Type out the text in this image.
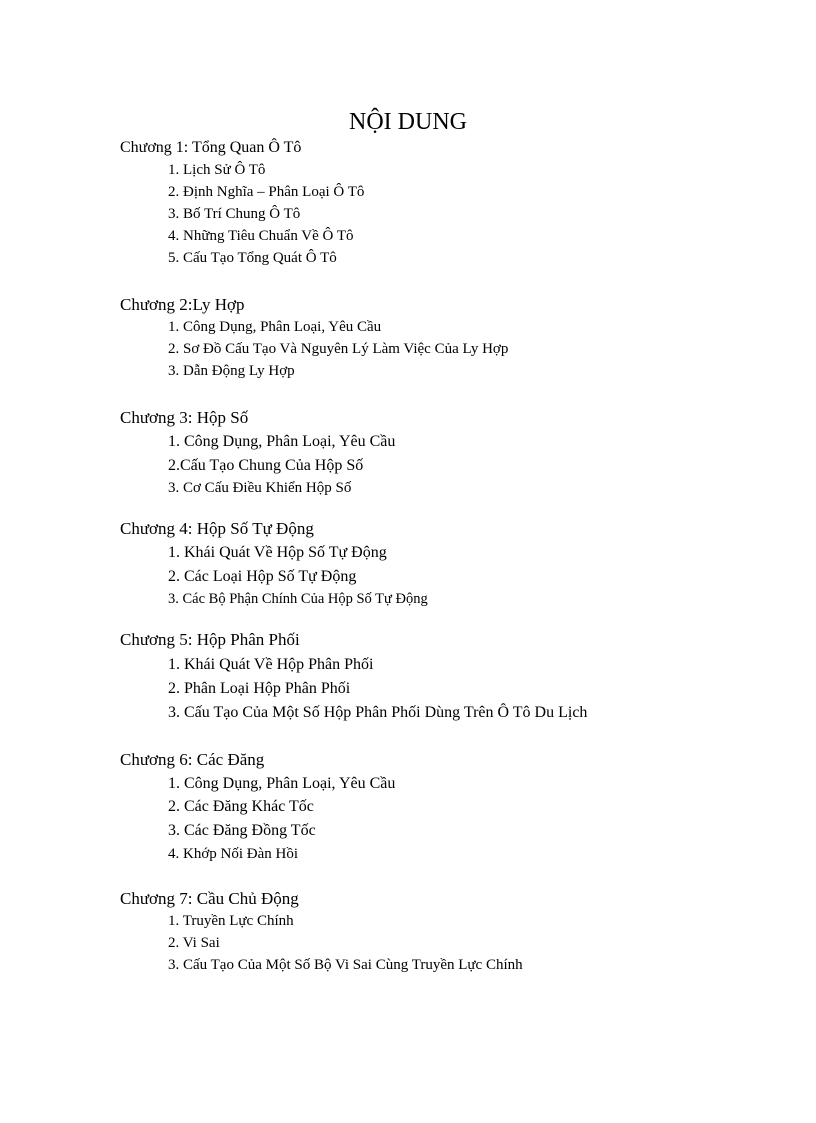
NỘI DUNG
Chương 1: Tổng Quan Ô Tô
1. Lịch Sử Ô Tô
2. Định Nghĩa – Phân Loại Ô Tô
3. Bố Trí Chung Ô Tô
4. Những Tiêu Chuẩn Về Ô Tô
5. Cấu Tạo Tổng Quát Ô Tô
Chương 2:Ly Hợp
1. Công Dụng, Phân Loại, Yêu Cầu
2. Sơ Đồ Cấu Tạo Và Nguyên Lý Làm Việc Của Ly Hợp
3. Dẫn Động Ly Hợp
Chương 3: Hộp Số
1. Công Dụng, Phân Loại, Yêu Cầu
2.Cấu Tạo Chung Của Hộp Số
3. Cơ Cấu Điều Khiển Hộp Số
Chương 4: Hộp Số Tự Động
1. Khái Quát Về Hộp Số Tự Động
2. Các Loại Hộp Số Tự Động
3. Các Bộ Phận Chính Của Hộp Số Tự Động
Chương 5: Hộp Phân Phối
1. Khái Quát Về Hộp Phân Phối
2. Phân Loại Hộp Phân Phối
3. Cấu Tạo Của Một Số Hộp Phân Phối Dùng Trên Ô Tô Du Lịch
Chương 6: Các Đăng
1. Công Dụng, Phân Loại, Yêu Cầu
2. Các Đăng Khác Tốc
3. Các Đăng Đồng Tốc
4. Khớp Nối Đàn Hồi
Chương 7: Cầu Chủ Động
1. Truyền Lực Chính
2. Vi Sai
3. Cấu Tạo Của Một Số Bộ Vi Sai Cùng Truyền Lực Chính
